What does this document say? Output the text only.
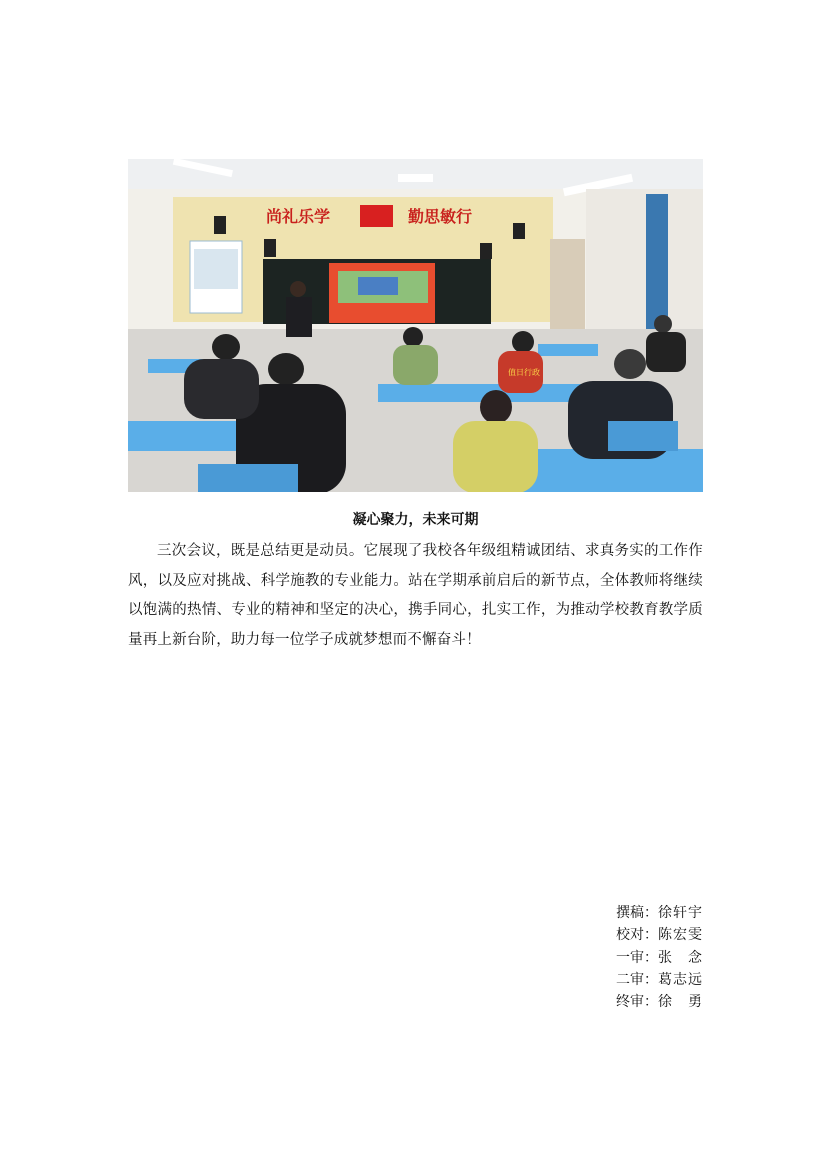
尚礼乐学	勤思敏行
值日行政
凝心聚力，未来可期
三次会议，既是总结更是动员。它展现了我校各年级组精诚团结、求真务实的工作作风，以及应对挑战、科学施教的专业能力。站在学期承前启后的新节点，全体教师将继续以饱满的热情、专业的精神和坚定的决心，携手同心，扎实工作，为推动学校教育教学质量再上新台阶，助力每一位学子成就梦想而不懈奋斗！
撰稿： 徐轩宇
校对： 陈宏雯
一审： 张念
二审： 葛志远
终审： 徐勇
